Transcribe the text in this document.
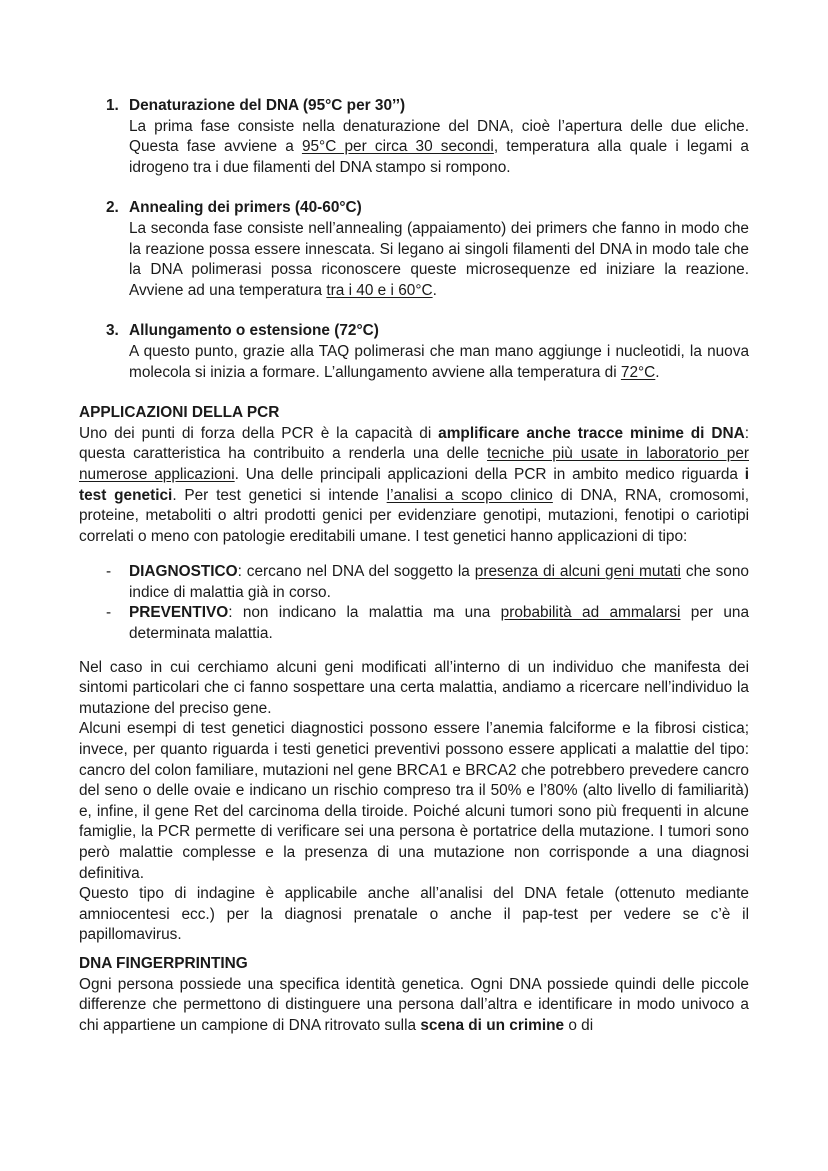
1. Denaturazione del DNA (95°C per 30’’)
La prima fase consiste nella denaturazione del DNA, cioè l’apertura delle due eliche. Questa fase avviene a 95°C per circa 30 secondi, temperatura alla quale i legami a idrogeno tra i due filamenti del DNA stampo si rompono.
2. Annealing dei primers (40-60°C)
La seconda fase consiste nell’annealing (appaiamento) dei primers che fanno in modo che la reazione possa essere innescata. Si legano ai singoli filamenti del DNA in modo tale che la DNA polimerasi possa riconoscere queste microsequenze ed iniziare la reazione. Avviene ad una temperatura tra i 40 e i 60°C.
3. Allungamento o estensione (72°C)
A questo punto, grazie alla TAQ polimerasi che man mano aggiunge i nucleotidi, la nuova molecola si inizia a formare. L’allungamento avviene alla temperatura di 72°C.

APPLICAZIONI DELLA PCR

Uno dei punti di forza della PCR è la capacità di amplificare anche tracce minime di DNA: questa caratteristica ha contribuito a renderla una delle tecniche più usate in laboratorio per numerose applicazioni. Una delle principali applicazioni della PCR in ambito medico riguarda i test genetici. Per test genetici si intende l’analisi a scopo clinico di DNA, RNA, cromosomi, proteine, metaboliti o altri prodotti genici per evidenziare genotipi, mutazioni, fenotipi o cariotipi correlati o meno con patologie ereditabili umane. I test genetici hanno applicazioni di tipo:

- DIAGNOSTICO: cercano nel DNA del soggetto la presenza di alcuni geni mutati che sono indice di malattia già in corso.
- PREVENTIVO: non indicano la malattia ma una probabilità ad ammalarsi per una determinata malattia.

Nel caso in cui cerchiamo alcuni geni modificati all’interno di un individuo che manifesta dei sintomi particolari che ci fanno sospettare una certa malattia, andiamo a ricercare nell’individuo la mutazione del preciso gene.

Alcuni esempi di test genetici diagnostici possono essere l’anemia falciforme e la fibrosi cistica; invece, per quanto riguarda i testi genetici preventivi possono essere applicati a malattie del tipo: cancro del colon familiare, mutazioni nel gene BRCA1 e BRCA2 che potrebbero prevedere cancro del seno o delle ovaie e indicano un rischio compreso tra il 50% e l’80% (alto livello di familiarità) e, infine, il gene Ret del carcinoma della tiroide. Poiché alcuni tumori sono più frequenti in alcune famiglie, la PCR permette di verificare sei una persona è portatrice della mutazione. I tumori sono però malattie complesse e la presenza di una mutazione non corrisponde a una diagnosi definitiva.

Questo tipo di indagine è applicabile anche all’analisi del DNA fetale (ottenuto mediante amniocentesi ecc.) per la diagnosi prenatale o anche il pap-test per vedere se c’è il papillomavirus.

DNA FINGERPRINTING

Ogni persona possiede una specifica identità genetica. Ogni DNA possiede quindi delle piccole differenze che permettono di distinguere una persona dall’altra e identificare in modo univoco a chi appartiene un campione di DNA ritrovato sulla scena di un crimine o di
